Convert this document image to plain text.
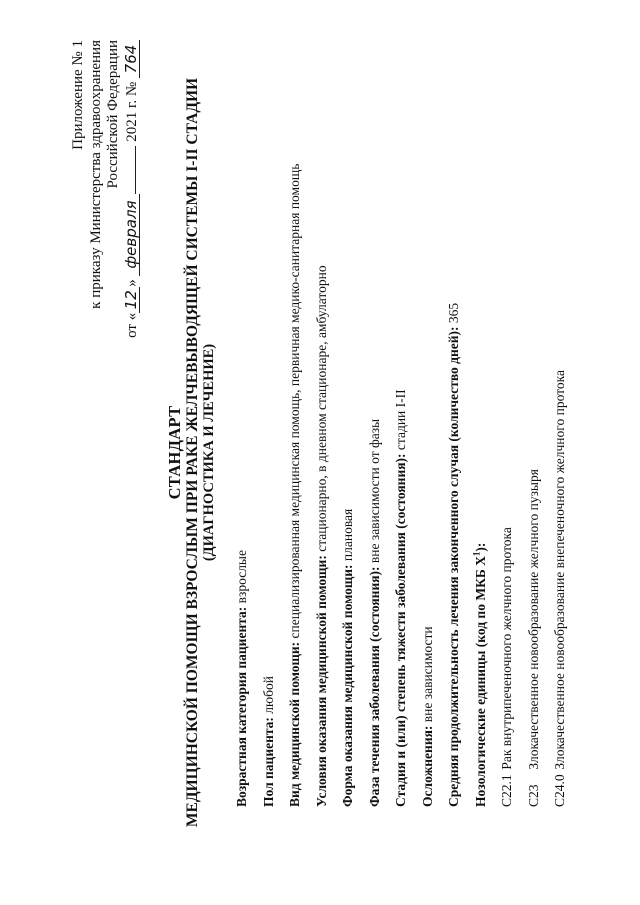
Приложение № 1 к приказу Министерства здравоохранения Российской Федерации
от «12» февраля 2021 г. № 764
СТАНДАРТ МЕДИЦИНСКОЙ ПОМОЩИ ВЗРОСЛЫМ ПРИ РАКЕ ЖЕЛЧЕВЫВОДЯЩЕЙ СИСТЕМЫ I-II СТАДИИ (ДИАГНОСТИКА И ЛЕЧЕНИЕ)
Возрастная категория пациента: взрослые
Пол пациента: любой Вид медицинской помощи: специализированная медицинская помощь, первичная медико-санитарная помощь
Условия оказания медицинской помощи: стационарно, в дневном стационаре, амбулаторно
Форма оказания медицинской помощи: плановая
Фаза течения заболевания (состояния): вне зависимости от фазы Стадия и (или) степень тяжести заболевания (состояния): стадии I-II
Осложнения: вне зависимости Средняя продолжительность лечения законченного случая (количество дней): 365
Нозологические единицы (код по МКБ $X^1$):
C22.1 Рак внутрипеченочного желчного протока
C23 Злокачественное новообразование желчного пузыря
C24.0 Злокачественное новообразование внепеченочного желчного протока
